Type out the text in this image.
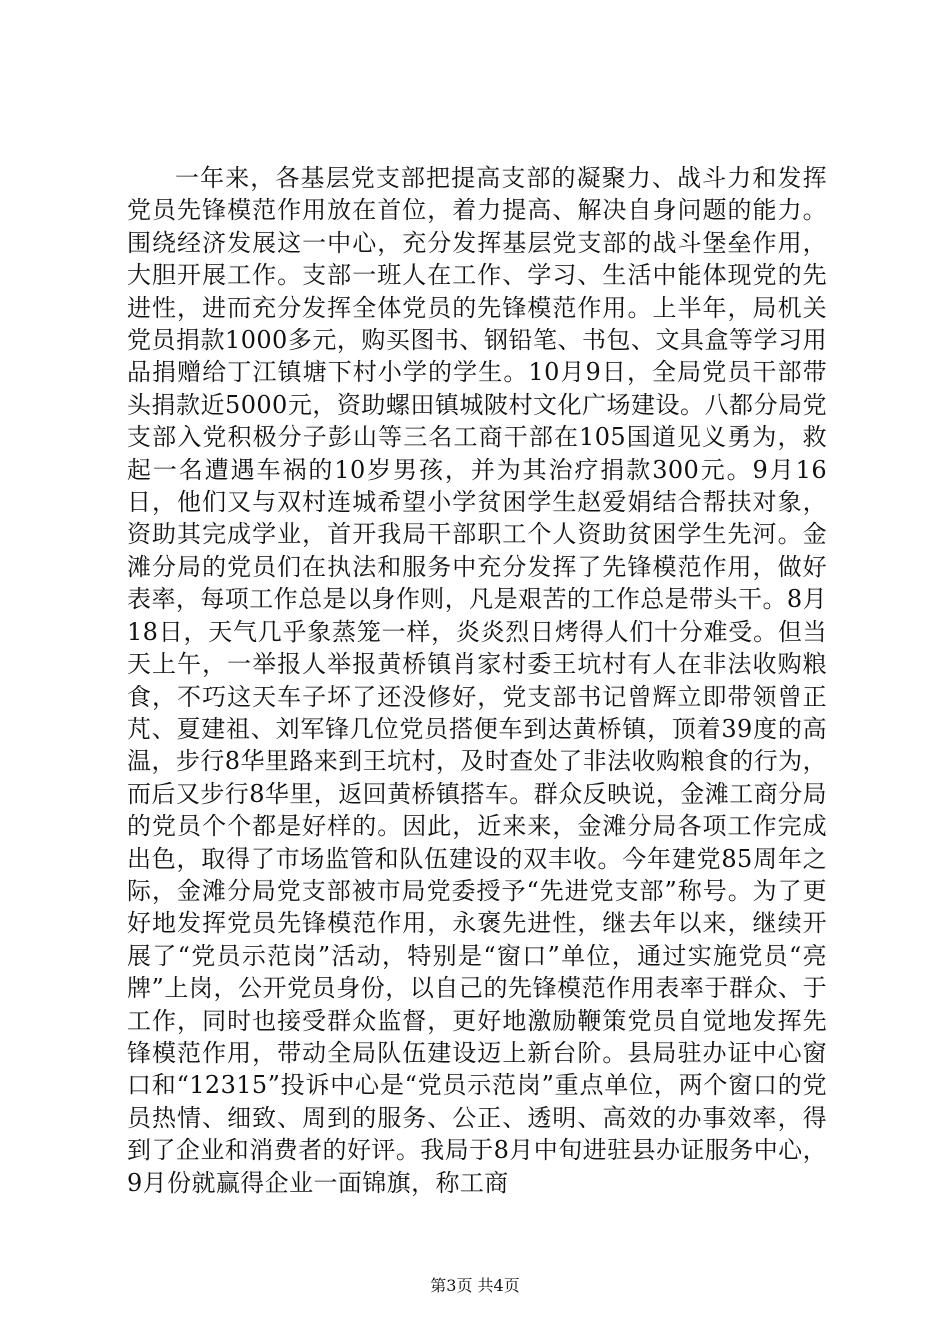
一年来，各基层党支部把提高支部的凝聚力、战斗力和发挥党员先锋模范作用放在首位，着力提高、解决自身问题的能力。围绕经济发展这一中心，充分发挥基层党支部的战斗堡垒作用，大胆开展工作。支部一班人在工作、学习、生活中能体现党的先进性，进而充分发挥全体党员的先锋模范作用。上半年，局机关党员捐款1000多元，购买图书、钢铅笔、书包、文具盒等学习用品捐赠给丁江镇塘下村小学的学生。10月9日，全局党员干部带头捐款近5000元，资助螺田镇城陂村文化广场建设。八都分局党支部入党积极分子彭山等三名工商干部在105国道见义勇为，救起一名遭遇车祸的10岁男孩，并为其治疗捐款300元。9月16日，他们又与双村连城希望小学贫困学生赵爱娟结合帮扶对象，资助其完成学业，首开我局干部职工个人资助贫困学生先河。金滩分局的党员们在执法和服务中充分发挥了先锋模范作用，做好表率，每项工作总是以身作则，凡是艰苦的工作总是带头干。8月18日，天气几乎象蒸笼一样，炎炎烈日烤得人们十分难受。但当天上午，一举报人举报黄桥镇肖家村委王坑村有人在非法收购粮食，不巧这天车子坏了还没修好，党支部书记曾辉立即带领曾正芃、夏建祖、刘军锋几位党员搭便车到达黄桥镇，顶着39度的高温，步行8华里路来到王坑村，及时查处了非法收购粮食的行为，而后又步行8华里，返回黄桥镇搭车。群众反映说，金滩工商分局的党员个个都是好样的。因此，近来来，金滩分局各项工作完成出色，取得了市场监管和队伍建设的双丰收。今年建党85周年之际，金滩分局党支部被市局党委授予“先进党支部”称号。为了更好地发挥党员先锋模范作用，永褒先进性，继去年以来，继续开展了“党员示范岗”活动，特别是“窗口”单位，通过实施党员“亮牌”上岗，公开党员身份，以自己的先锋模范作用表率于群众、于工作，同时也接受群众监督，更好地激励鞭策党员自觉地发挥先锋模范作用，带动全局队伍建设迈上新台阶。县局驻办证中心窗口和“12315”投诉中心是“党员示范岗”重点单位，两个窗口的党员热情、细致、周到的服务、公正、透明、高效的办事效率，得到了企业和消费者的好评。我局于8月中旬进驻县办证服务中心，9月份就赢得企业一面锦旗，称工商

第3页 共4页
